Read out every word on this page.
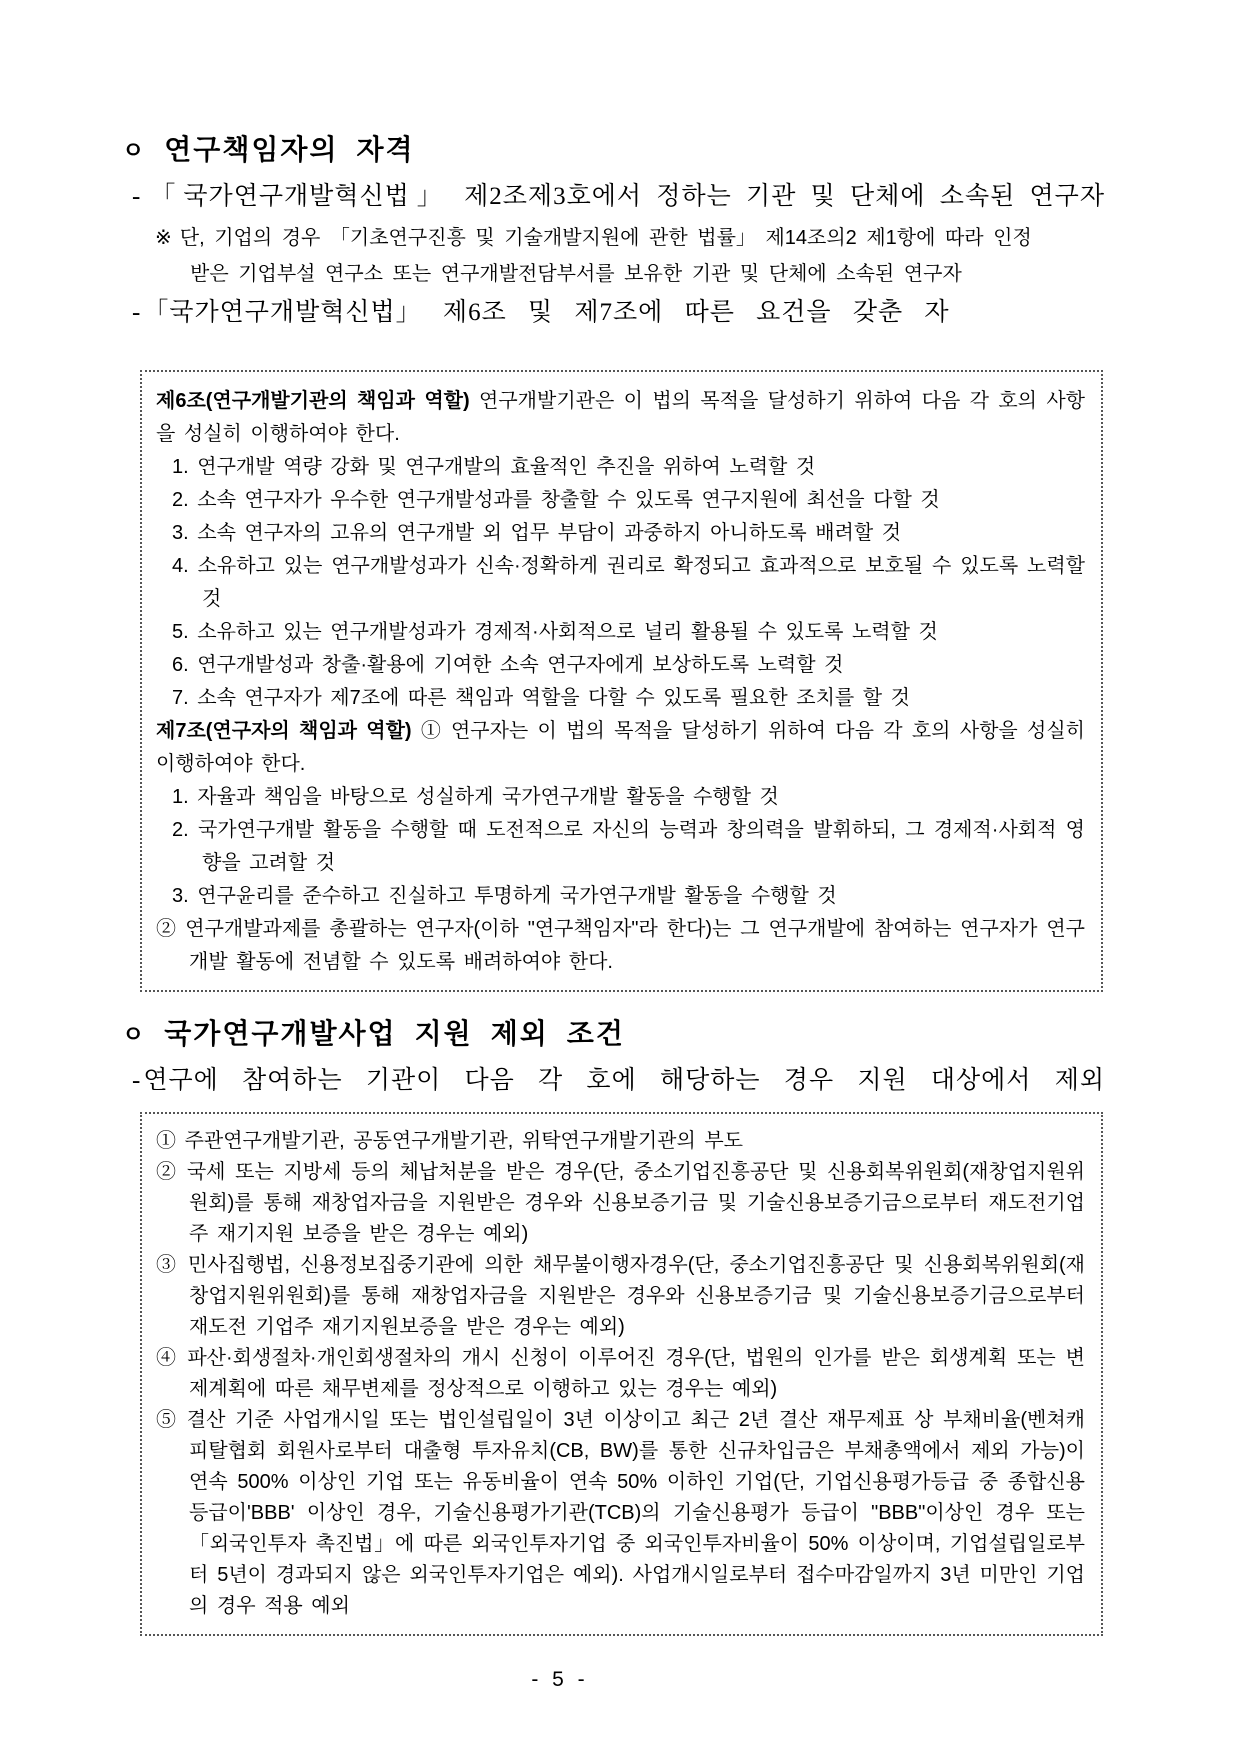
ㅇ 연구책임자의 자격
-「국가연구개발혁신법」 제2조제3호에서 정하는 기관 및 단체에 소속된 연구자
※ 단, 기업의 경우 「기초연구진흥 및 기술개발지원에 관한 법률」 제14조의2 제1항에 따라 인정
받은 기업부설 연구소 또는 연구개발전담부서를 보유한 기관 및 단체에 소속된 연구자
-「국가연구개발혁신법」 제6조 및 제7조에 따른 요건을 갖춘 자

제6조(연구개발기관의 책임과 역할) 연구개발기관은 이 법의 목적을 달성하기 위하여 다음 각 호의 사항을 성실히 이행하여야 한다.

1. 연구개발 역량 강화 및 연구개발의 효율적인 추진을 위하여 노력할 것
2. 소속 연구자가 우수한 연구개발성과를 창출할 수 있도록 연구지원에 최선을 다할 것
3. 소속 연구자의 고유의 연구개발 외 업무 부담이 과중하지 아니하도록 배려할 것
4. 소유하고 있는 연구개발성과가 신속·정확하게 권리로 확정되고 효과적으로 보호될 수 있도록 노력할 것
5. 소유하고 있는 연구개발성과가 경제적·사회적으로 널리 활용될 수 있도록 노력할 것
6. 연구개발성과 창출·활용에 기여한 소속 연구자에게 보상하도록 노력할 것
7. 소속 연구자가 제7조에 따른 책임과 역할을 다할 수 있도록 필요한 조치를 할 것

제7조(연구자의 책임과 역할) ① 연구자는 이 법의 목적을 달성하기 위하여 다음 각 호의 사항을 성실히 이행하여야 한다.

1. 자율과 책임을 바탕으로 성실하게 국가연구개발 활동을 수행할 것
2. 국가연구개발 활동을 수행할 때 도전적으로 자신의 능력과 창의력을 발휘하되, 그 경제적·사회적 영향을 고려할 것
3. 연구윤리를 준수하고 진실하고 투명하게 국가연구개발 활동을 수행할 것
② 연구개발과제를 총괄하는 연구자(이하 "연구책임자"라 한다)는 그 연구개발에 참여하는 연구자가 연구개발 활동에 전념할 수 있도록 배려하여야 한다.
ㅇ 국가연구개발사업 지원 제외 조건
-연구에 참여하는 기관이 다음 각 호에 해당하는 경우 지원 대상에서 제외
① 주관연구개발기관, 공동연구개발기관, 위탁연구개발기관의 부도
② 국세 또는 지방세 등의 체납처분을 받은 경우(단, 중소기업진흥공단 및 신용회복위원회(재창업지원위원회)를 통해 재창업자금을 지원받은 경우와 신용보증기금 및 기술신용보증기금으로부터 재도전기업주 재기지원 보증을 받은 경우는 예외)
③ 민사집행법, 신용정보집중기관에 의한 채무불이행자경우(단, 중소기업진흥공단 및 신용회복위원회(재창업지원위원회)를 통해 재창업자금을 지원받은 경우와 신용보증기금 및 기술신용보증기금으로부터 재도전 기업주 재기지원보증을 받은 경우는 예외)
④ 파산·회생절차·개인회생절차의 개시 신청이 이루어진 경우(단, 법원의 인가를 받은 회생계획 또는 변제계획에 따른 채무변제를 정상적으로 이행하고 있는 경우는 예외)
⑤ 결산 기준 사업개시일 또는 법인설립일이 3년 이상이고 최근 2년 결산 재무제표 상 부채비율(벤쳐캐피탈협회 회원사로부터 대출형 투자유치(CB, BW)를 통한 신규차입금은 부채총액에서 제외 가능)이 연속 500% 이상인 기업 또는 유동비율이 연속 50% 이하인 기업(단, 기업신용평가등급 중 종합신용등급이'BBB' 이상인 경우, 기술신용평가기관(TCB)의 기술신용평가 등급이 "BBB"이상인 경우 또는 「외국인투자 촉진법」에 따른 외국인투자기업 중 외국인투자비율이 50% 이상이며, 기업설립일로부터 5년이 경과되지 않은 외국인투자기업은 예외). 사업개시일로부터 접수마감일까지 3년 미만인 기업의 경우 적용 예외
- 5 -
